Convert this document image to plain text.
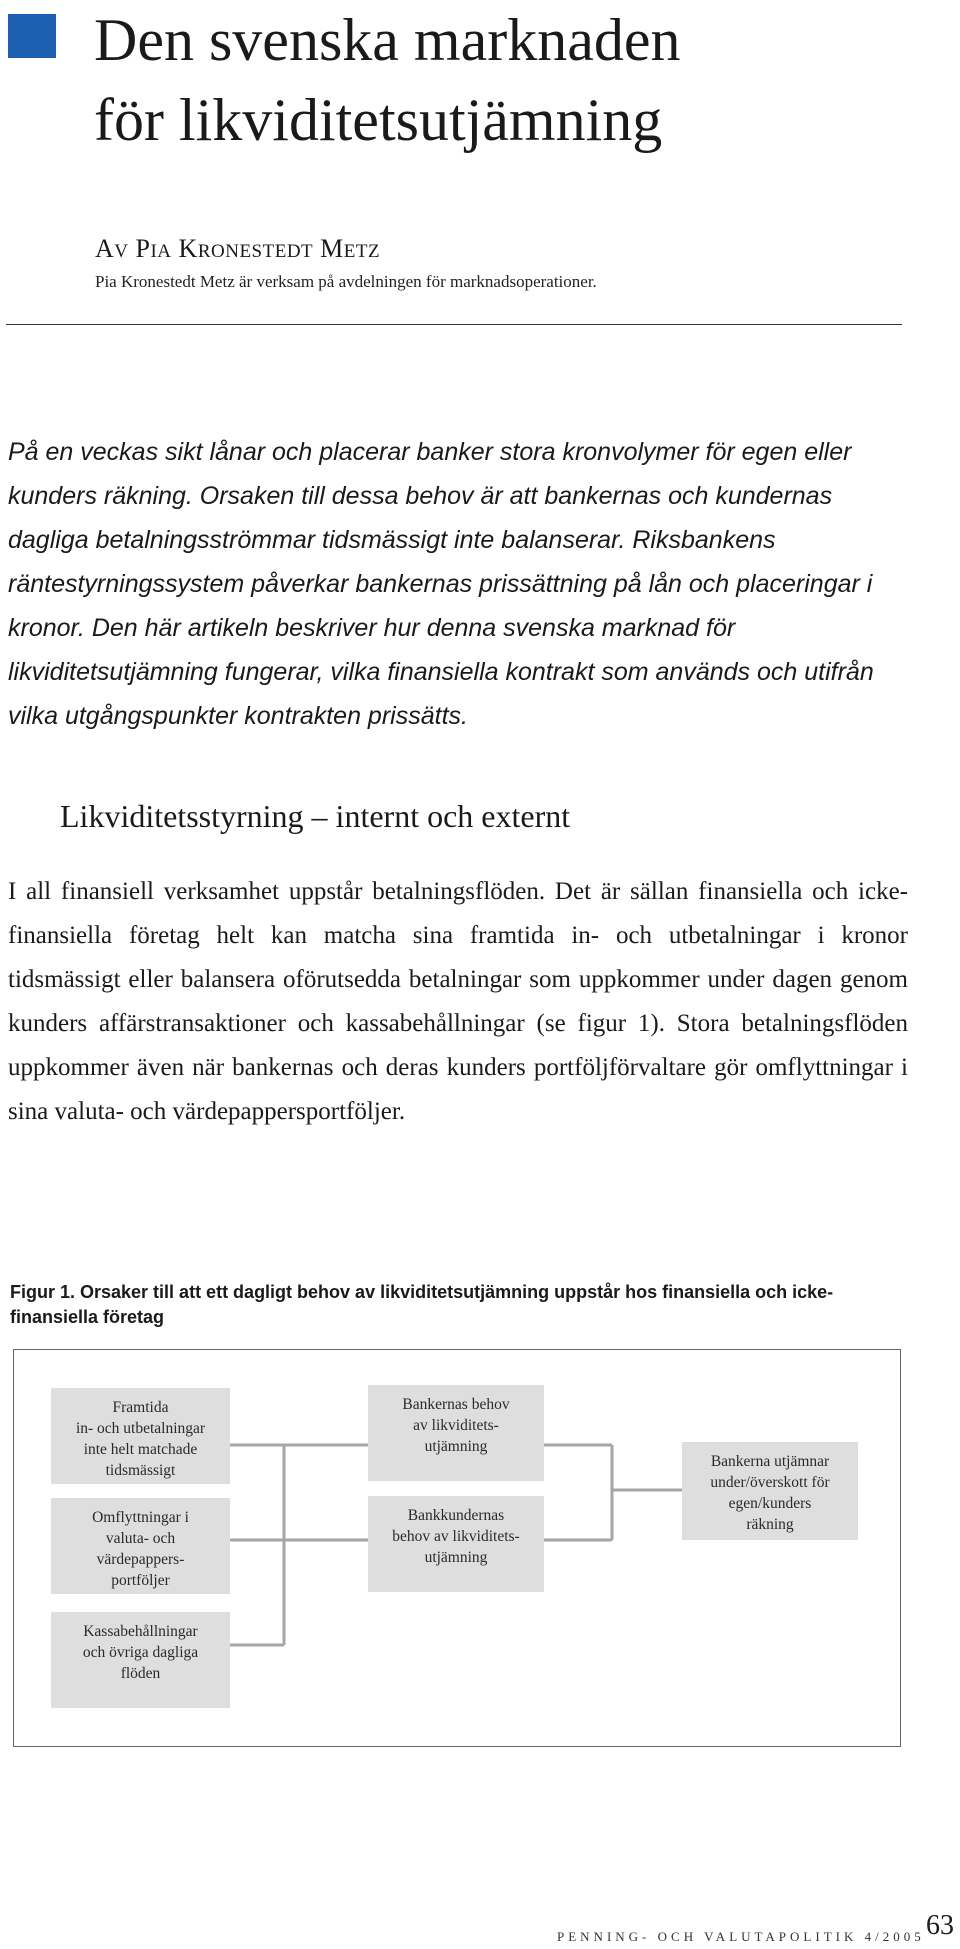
Den svenska marknaden
för likviditetsutjämning
AV PIA KRONESTEDT METZ
Pia Kronestedt Metz är verksam på avdelningen för marknadsoperationer.

På en veckas sikt lånar och placerar banker stora kronvolymer för egen eller kunders räkning. Orsaken till dessa behov är att bankernas och kundernas dagliga betalningsströmmar tidsmässigt inte balanserar. Riksbankens räntestyrningssystem påverkar bankernas prissättning på lån och placeringar i kronor. Den här artikeln beskriver hur denna svenska marknad för likviditetsutjämning fungerar, vilka finansiella kontrakt som används och utifrån vilka utgångspunkter kontrakten prissätts.

Likviditetsstyrning – internt och externt

I all finansiell verksamhet uppstår betalningsflöden. Det är sällan finansiella och icke-finansiella företag helt kan matcha sina framtida in- och utbetalningar i kronor tidsmässigt eller balansera oförutsedda betalningar som uppkommer under dagen genom kunders affärstransaktioner och kassabehållningar (se figur 1). Stora betalningsflöden uppkommer även när bankernas och deras kunders portföljförvaltare gör omflyttningar i sina valuta- och värdepappersportföljer.

Figur 1. Orsaker till att ett dagligt behov av likviditetsutjämning uppstår hos finansiella och icke-finansiella företag

Framtida
in- och utbetalningar
inte helt matchade
tidsmässigt
Omflyttningar i
valuta- och
värdepappers-
portföljer
Kassabehållningar
och övriga dagliga
flöden
Bankernas behov
av likviditets-
utjämning
Bankkundernas
behov av likviditets-
utjämning
Bankerna utjämnar
under/överskott för
egen/kunders
räkning
PENNING- OCH VALUTAPOLITIK 4/2005 63
